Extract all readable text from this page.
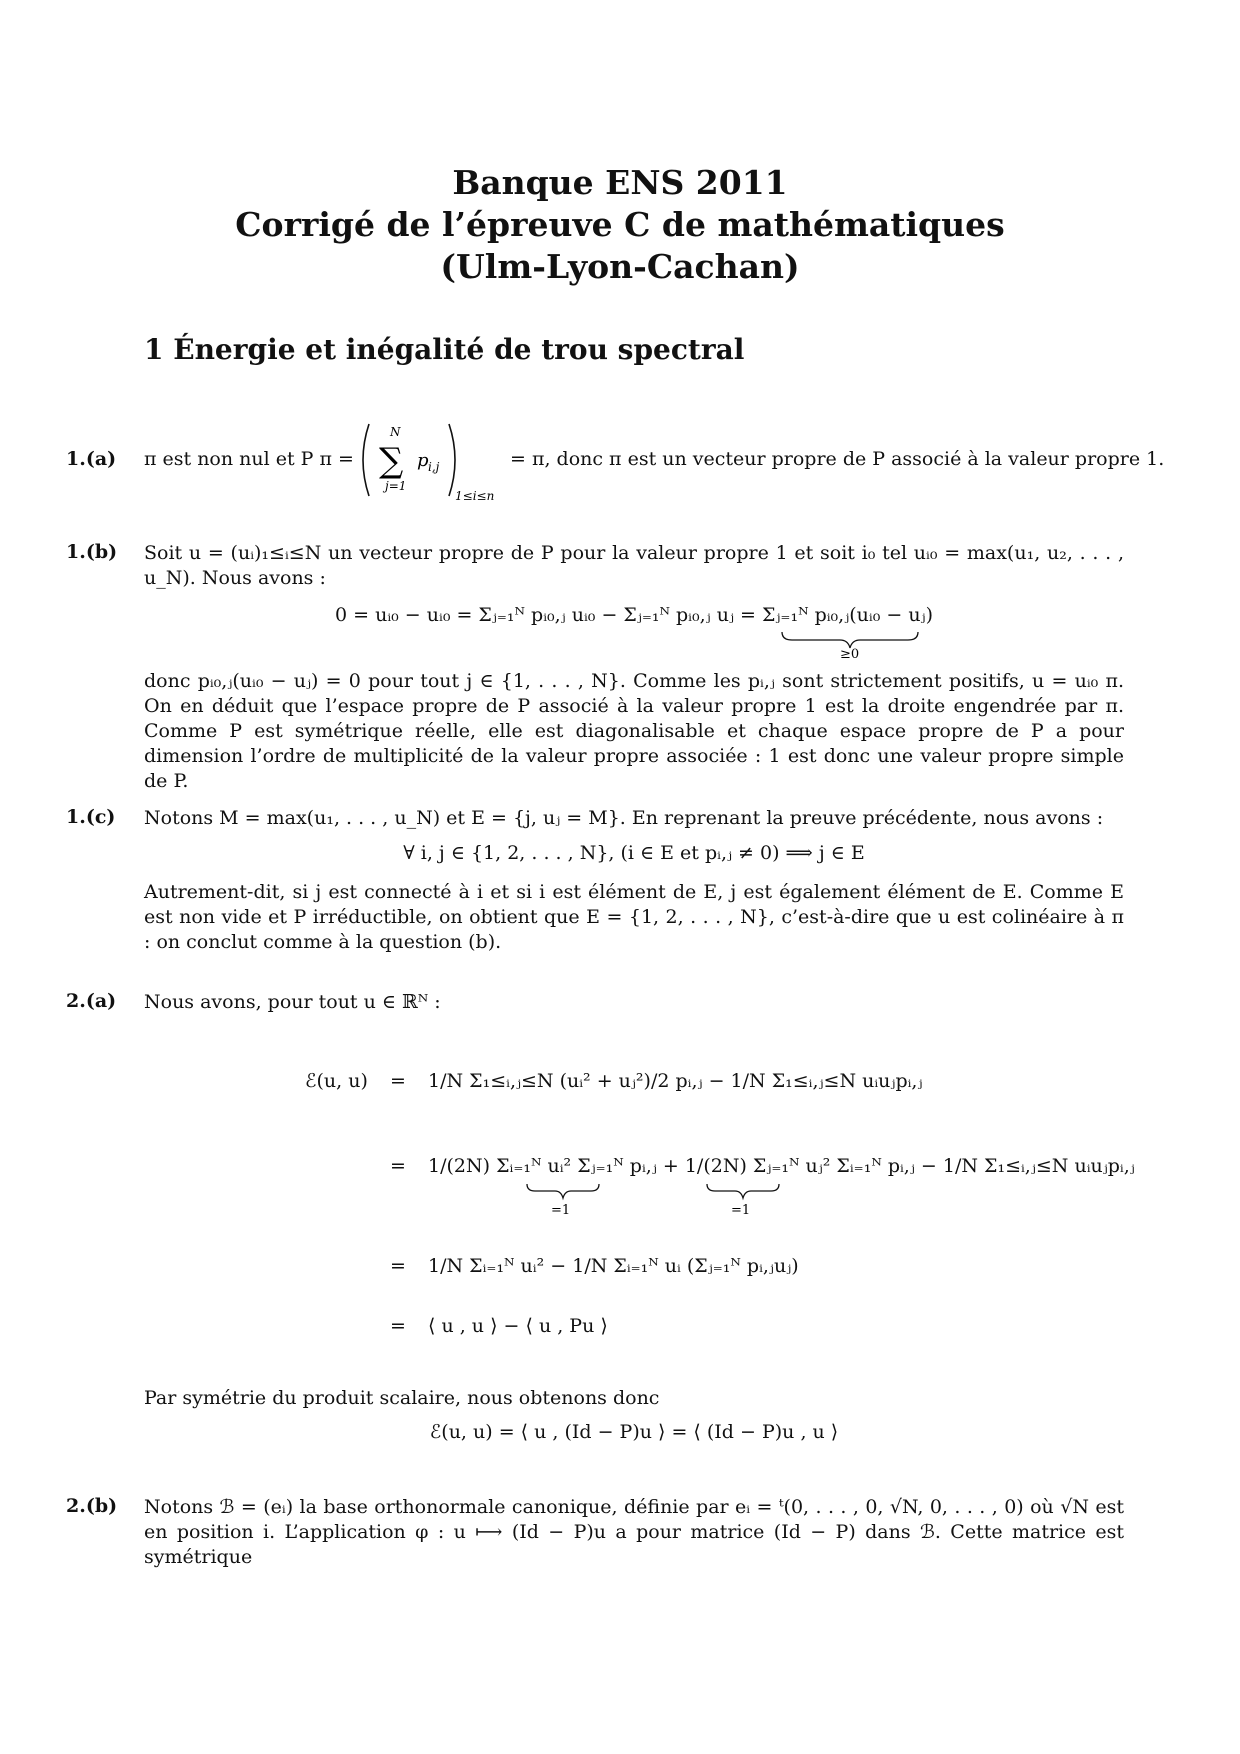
Banque ENS 2011
Corrigé de l’épreuve C de mathématiques
(Ulm-Lyon-Cachan)
1 Énergie et inégalité de trou spectral
1.(a) π est non nul et P π =
N
∑
j=1
p i,j
1≤i≤n
= π, donc π est un vecteur propre de P associé à la valeur propre 1.
1.(b) Soit u = (uᵢ)₁≤ᵢ≤N un vecteur propre de P pour la valeur propre 1 et soit i₀ tel uᵢ₀ = max(u₁, u₂, . . . , u_N). Nous avons :
0 = uᵢ₀ − uᵢ₀ = Σⱼ₌₁ᴺ pᵢ₀,ⱼ uᵢ₀ − Σⱼ₌₁ᴺ pᵢ₀,ⱼ uⱼ = Σⱼ₌₁ᴺ pᵢ₀,ⱼ(uᵢ₀ − uⱼ)
≥0
donc pᵢ₀,ⱼ(uᵢ₀ − uⱼ) = 0 pour tout j ∈ {1, . . . , N}. Comme les pᵢ,ⱼ sont strictement positifs, u = uᵢ₀ π. On en déduit que l’espace propre de P associé à la valeur propre 1 est la droite engendrée par π. Comme P est symétrique réelle, elle est diagonalisable et chaque espace propre de P a pour dimension l’ordre de multiplicité de la valeur propre associée : 1 est donc une valeur propre simple de P.
1.(c) Notons M = max(u₁, . . . , u_N) et E = {j, uⱼ = M}. En reprenant la preuve précédente, nous avons :
∀ i, j ∈ {1, 2, . . . , N}, (i ∈ E et pᵢ,ⱼ ≠ 0) ⟹ j ∈ E
Autrement-dit, si j est connecté à i et si i est élément de E, j est également élément de E. Comme E est non vide et P irréductible, on obtient que E = {1, 2, . . . , N}, c’est-à-dire que u est colinéaire à π : on conclut comme à la question (b).
2.(a) Nous avons, pour tout u ∈ ℝᴺ :
ℰ(u, u) = 1/N Σ₁≤ᵢ,ⱼ≤N (uᵢ² + uⱼ²)/2 pᵢ,ⱼ − 1/N Σ₁≤ᵢ,ⱼ≤N uᵢuⱼpᵢ,ⱼ
= 1/(2N) Σᵢ₌₁ᴺ uᵢ² Σⱼ₌₁ᴺ pᵢ,ⱼ + 1/(2N) Σⱼ₌₁ᴺ uⱼ² Σᵢ₌₁ᴺ pᵢ,ⱼ − 1/N Σ₁≤ᵢ,ⱼ≤N uᵢuⱼpᵢ,ⱼ
=1	=1
= 1/N Σᵢ₌₁ᴺ uᵢ² − 1/N Σᵢ₌₁ᴺ uᵢ (Σⱼ₌₁ᴺ pᵢ,ⱼuⱼ)
= ⟨ u , u ⟩ − ⟨ u , Pu ⟩
Par symétrie du produit scalaire, nous obtenons donc
ℰ(u, u) = ⟨ u , (Id − P)u ⟩ = ⟨ (Id − P)u , u ⟩
2.(b) Notons ℬ = (eᵢ) la base orthonormale canonique, définie par eᵢ = ᵗ(0, . . . , 0, √N, 0, . . . , 0) où √N est en position i. L’application φ : u ⟼ (Id − P)u a pour matrice (Id − P) dans ℬ. Cette matrice est symétrique
